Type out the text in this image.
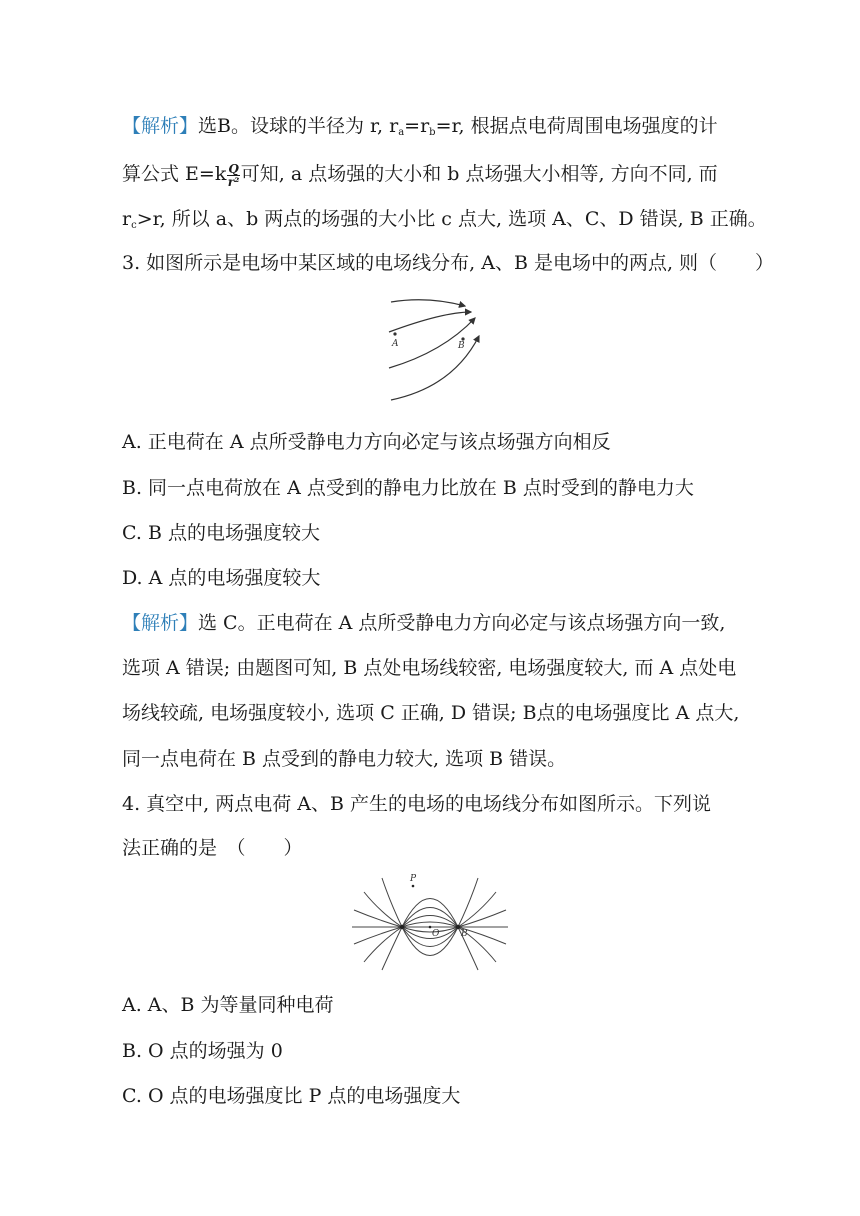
【解析】选B。设球的半径为 r, $r_a=r_b=r$, 根据点电荷周围电场强度的计
算公式 $E=k \frac{Q}{\text{r²}}$ 可知, a 点场强的大小和 b 点场强大小相等, 方向不同, 而
$r_c>r$, 所以 a、b 两点的场强的大小比 c 点大, 选项 A、C、D 错误, B 正确。
3. 如图所示是电场中某区域的电场线分布, A、B 是电场中的两点, 则（　　）
A	B
A. 正电荷在 A 点所受静电力方向必定与该点场强方向相反
B. 同一点电荷放在 A 点受到的静电力比放在 B 点时受到的静电力大
C. B 点的电场强度较大
D. A 点的电场强度较大
【解析】选 C。正电荷在 A 点所受静电力方向必定与该点场强方向一致,
选项 A 错误; 由题图可知, B 点处电场线较密, 电场强度较大, 而 A 点处电
场线较疏, 电场强度较小, 选项 C 正确, D 错误; B点的电场强度比 A 点大,
同一点电荷在 B 点受到的静电力较大, 选项 B 错误。
4. 真空中, 两点电荷 A、B 产生的电场的电场线分布如图所示。下列说
法正确的是　（　　）
P
O B
A. A、B 为等量同种电荷
B. O 点的场强为 0
C. O 点的电场强度比 P 点的电场强度大
